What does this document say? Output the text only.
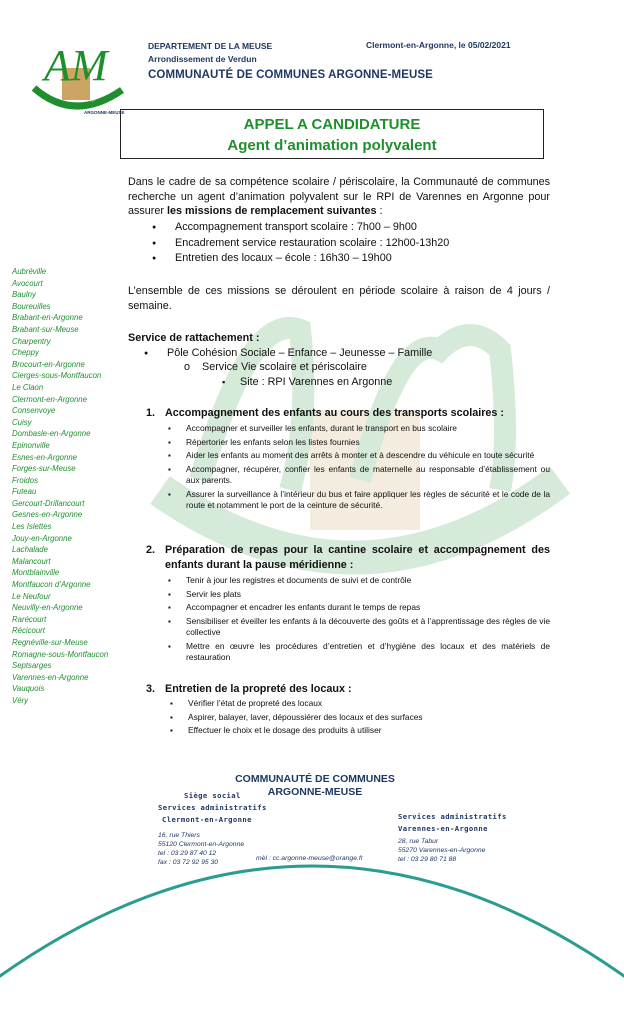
AM
ARGONNE-MEUSE
COMMUNAUTÉ DE COMMUNES
DEPARTEMENT DE LA MEUSE
Arrondissement de Verdun
Clermont-en-Argonne, le 05/02/2021
COMMUNAUTÉ DE COMMUNES ARGONNE-MEUSE
APPEL A CANDIDATURE
Agent d’animation polyvalent
Aubréville
Avocourt
Baulny
Boureuilles
Brabant-en-Argonne
Brabant-sur-Meuse
Charpentry
Cheppy
Brocourt-en-Argonne
Cierges-sous-Montfaucon
Le Claon
Clermont-en-Argonne
Consenvoye
Cuisy
Dombasle-en-Argonne
Epinonville
Esnes-en-Argonne
Forges-sur-Meuse
Froidos
Futeau
Gercourt-Drillancourt
Gesnes-en-Argonne
Les Islettes
Jouy-en-Argonne
Lachalade
Malancourt
Montblainville
Montfaucon d’Argonne
Le Neufour
Neuvilly-en-Argonne
Rarécourt
Récicourt
Regnéville-sur-Meuse
Romagne-sous-Montfaucon
Septsarges
Varennes-en-Argonne
Vauquois
Véry
Dans le cadre de sa compétence scolaire / périscolaire, la Communauté de communes recherche un agent d’animation polyvalent sur le RPI de Varennes en Argonne pour assurer les missions de remplacement suivantes :
● Accompagnement transport scolaire : 7h00 – 9h00
● Encadrement service restauration scolaire : 12h00-13h20
● Entretien des locaux – école : 16h30 – 19h00
L’ensemble de ces missions se déroulent en période scolaire à raison de 4 jours / semaine.
Service de rattachement :
● Pôle Cohésion Sociale – Enfance – Jeunesse – Famille
o Service Vie scolaire et périscolaire
▪ Site : RPI Varennes en Argonne
1. Accompagnement des enfants au cours des transports scolaires :
▪ Accompagner et surveiller les enfants, durant le transport en bus scolaire
▪ Répertorier les enfants selon les listes fournies
▪ Aider les enfants au moment des arrêts à monter et à descendre du véhicule en toute sécurité
▪ Accompagner, récupérer, confier les enfants de maternelle au responsable d’établissement ou aux parents.
▪ Assurer la surveillance à l’intérieur du bus et faire appliquer les règles de sécurité et le code de la route et notamment le port de la ceinture de sécurité.
2. Préparation de repas pour la cantine scolaire et accompagnement des enfants durant la pause méridienne :
▪ Tenir à jour les registres et documents de suivi et de contrôle
▪ Servir les plats
▪ Accompagner et encadrer les enfants durant le temps de repas
▪ Sensibiliser et éveiller les enfants à la découverte des goûts et à l’apprentissage des règles de vie collective
▪ Mettre en œuvre les procédures d’entretien et d’hygiène des locaux et des matériels de restauration
3. Entretien de la propreté des locaux :
▪ Vérifier l’état de propreté des locaux
▪ Aspirer, balayer, laver, dépoussiérer des locaux et des surfaces
▪ Effectuer le choix et le dosage des produits à utiliser
COMMUNAUTÉ DE COMMUNES
ARGONNE-MEUSE
Siège social
Services administratifs
Clermont-en-Argonne
16, rue Thiers
55120 Clermont-en-Argonne
tel : 03 29 87 40 12
fax : 03 72 92 95 30
mèl : cc.argonne-meuse@orange.fr
Services administratifs
Varennes-en-Argonne
28, rue Tabur
55270 Varennes-en-Argonne
tel : 03 29 80 71 88
